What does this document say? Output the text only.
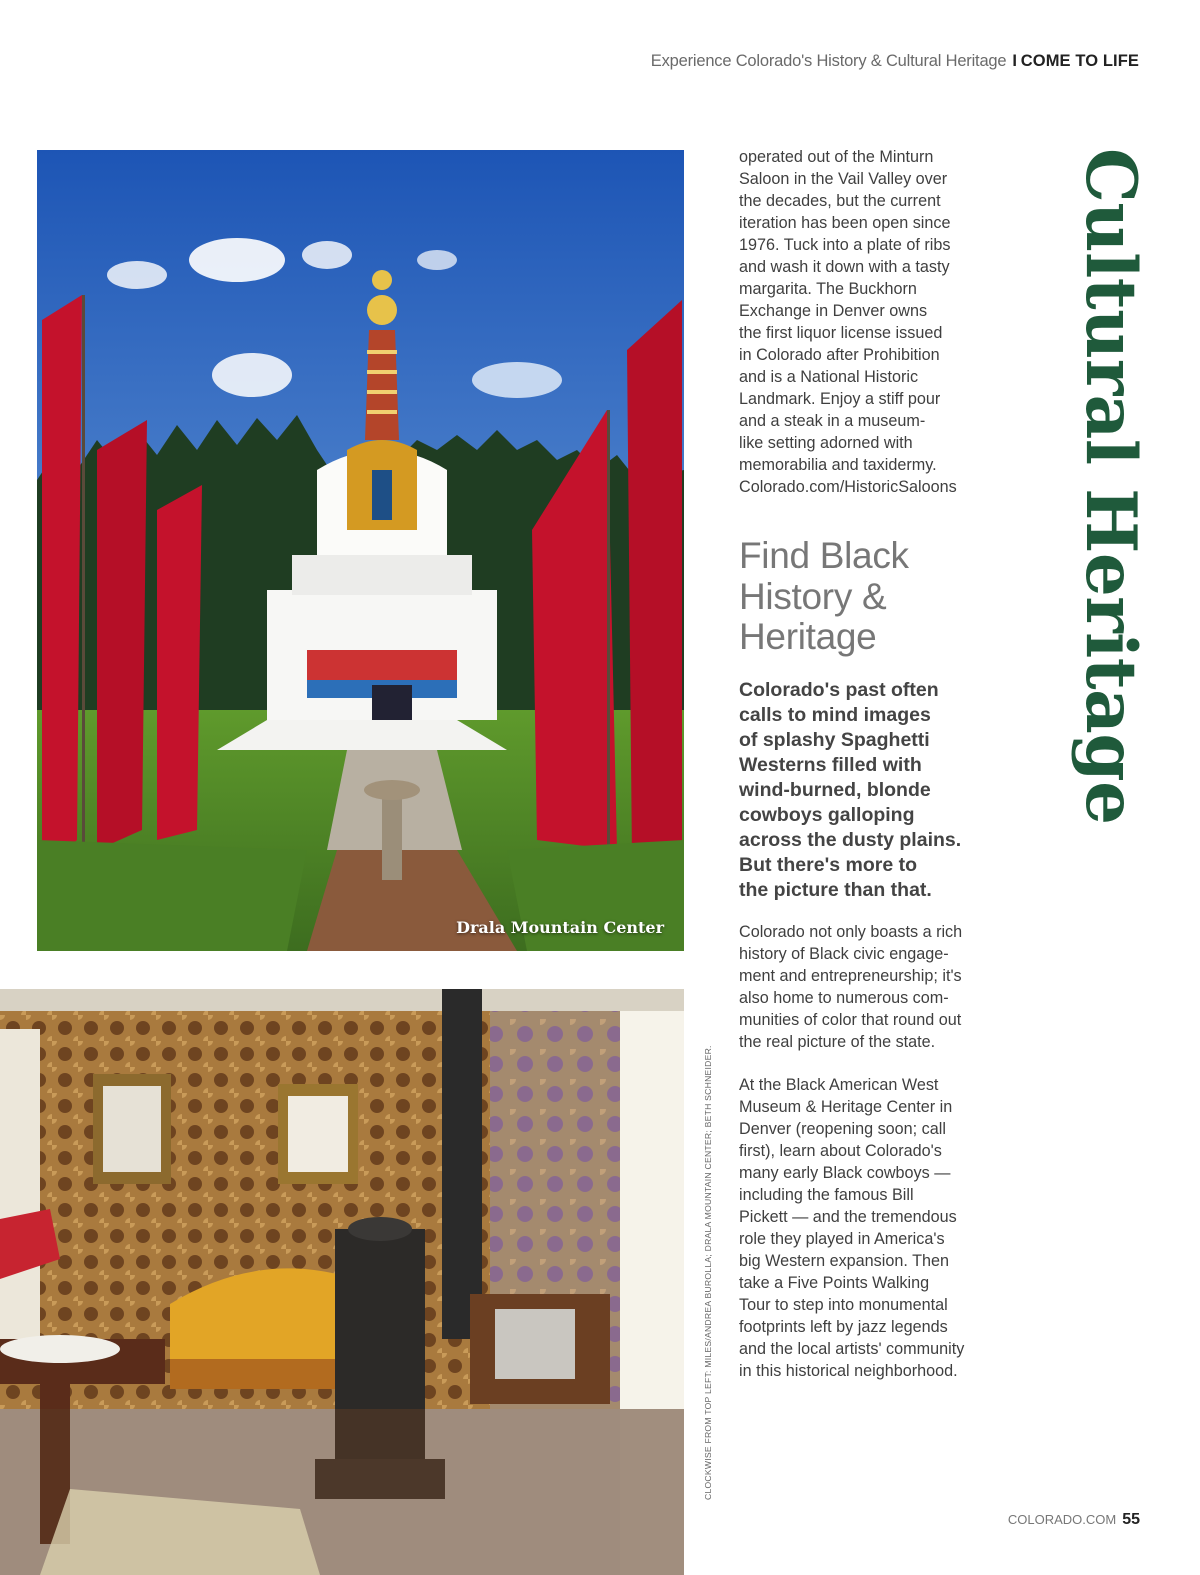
Experience Colorado's History & Cultural Heritage I COME TO LIFE
Drala Mountain Center
CLOCKWISE FROM TOP LEFT: MILES/ANDREA BUROLLA; DRALA MOUNTAIN CENTER; BETH SCHNEIDER.

operated out of the Minturn
Saloon in the Vail Valley over
the decades, but the current
iteration has been open since
1976. Tuck into a plate of ribs
and wash it down with a tasty
margarita. The Buckhorn
Exchange in Denver owns
the first liquor license issued
in Colorado after Prohibition
and is a National Historic
Landmark. Enjoy a stiff pour
and a steak in a museum-
like setting adorned with
memorabilia and taxidermy.
Colorado.com/HistoricSaloons

Find Black
History &
Heritage

Colorado's past often
calls to mind images
of splashy Spaghetti
Westerns filled with
wind-burned, blonde
cowboys galloping
across the dusty plains.
But there's more to
the picture than that.

Colorado not only boasts a rich
history of Black civic engage-
ment and entrepreneurship; it's
also home to numerous com-
munities of color that round out
the real picture of the state.

At the Black American West
Museum & Heritage Center in
Denver (reopening soon; call
first), learn about Colorado's
many early Black cowboys —
including the famous Bill
Pickett — and the tremendous
role they played in America's
big Western expansion. Then
take a Five Points Walking
Tour to step into monumental
footprints left by jazz legends
and the local artists' community
in this historical neighborhood.

Cultural Heritage
COLORADO.COM 55
